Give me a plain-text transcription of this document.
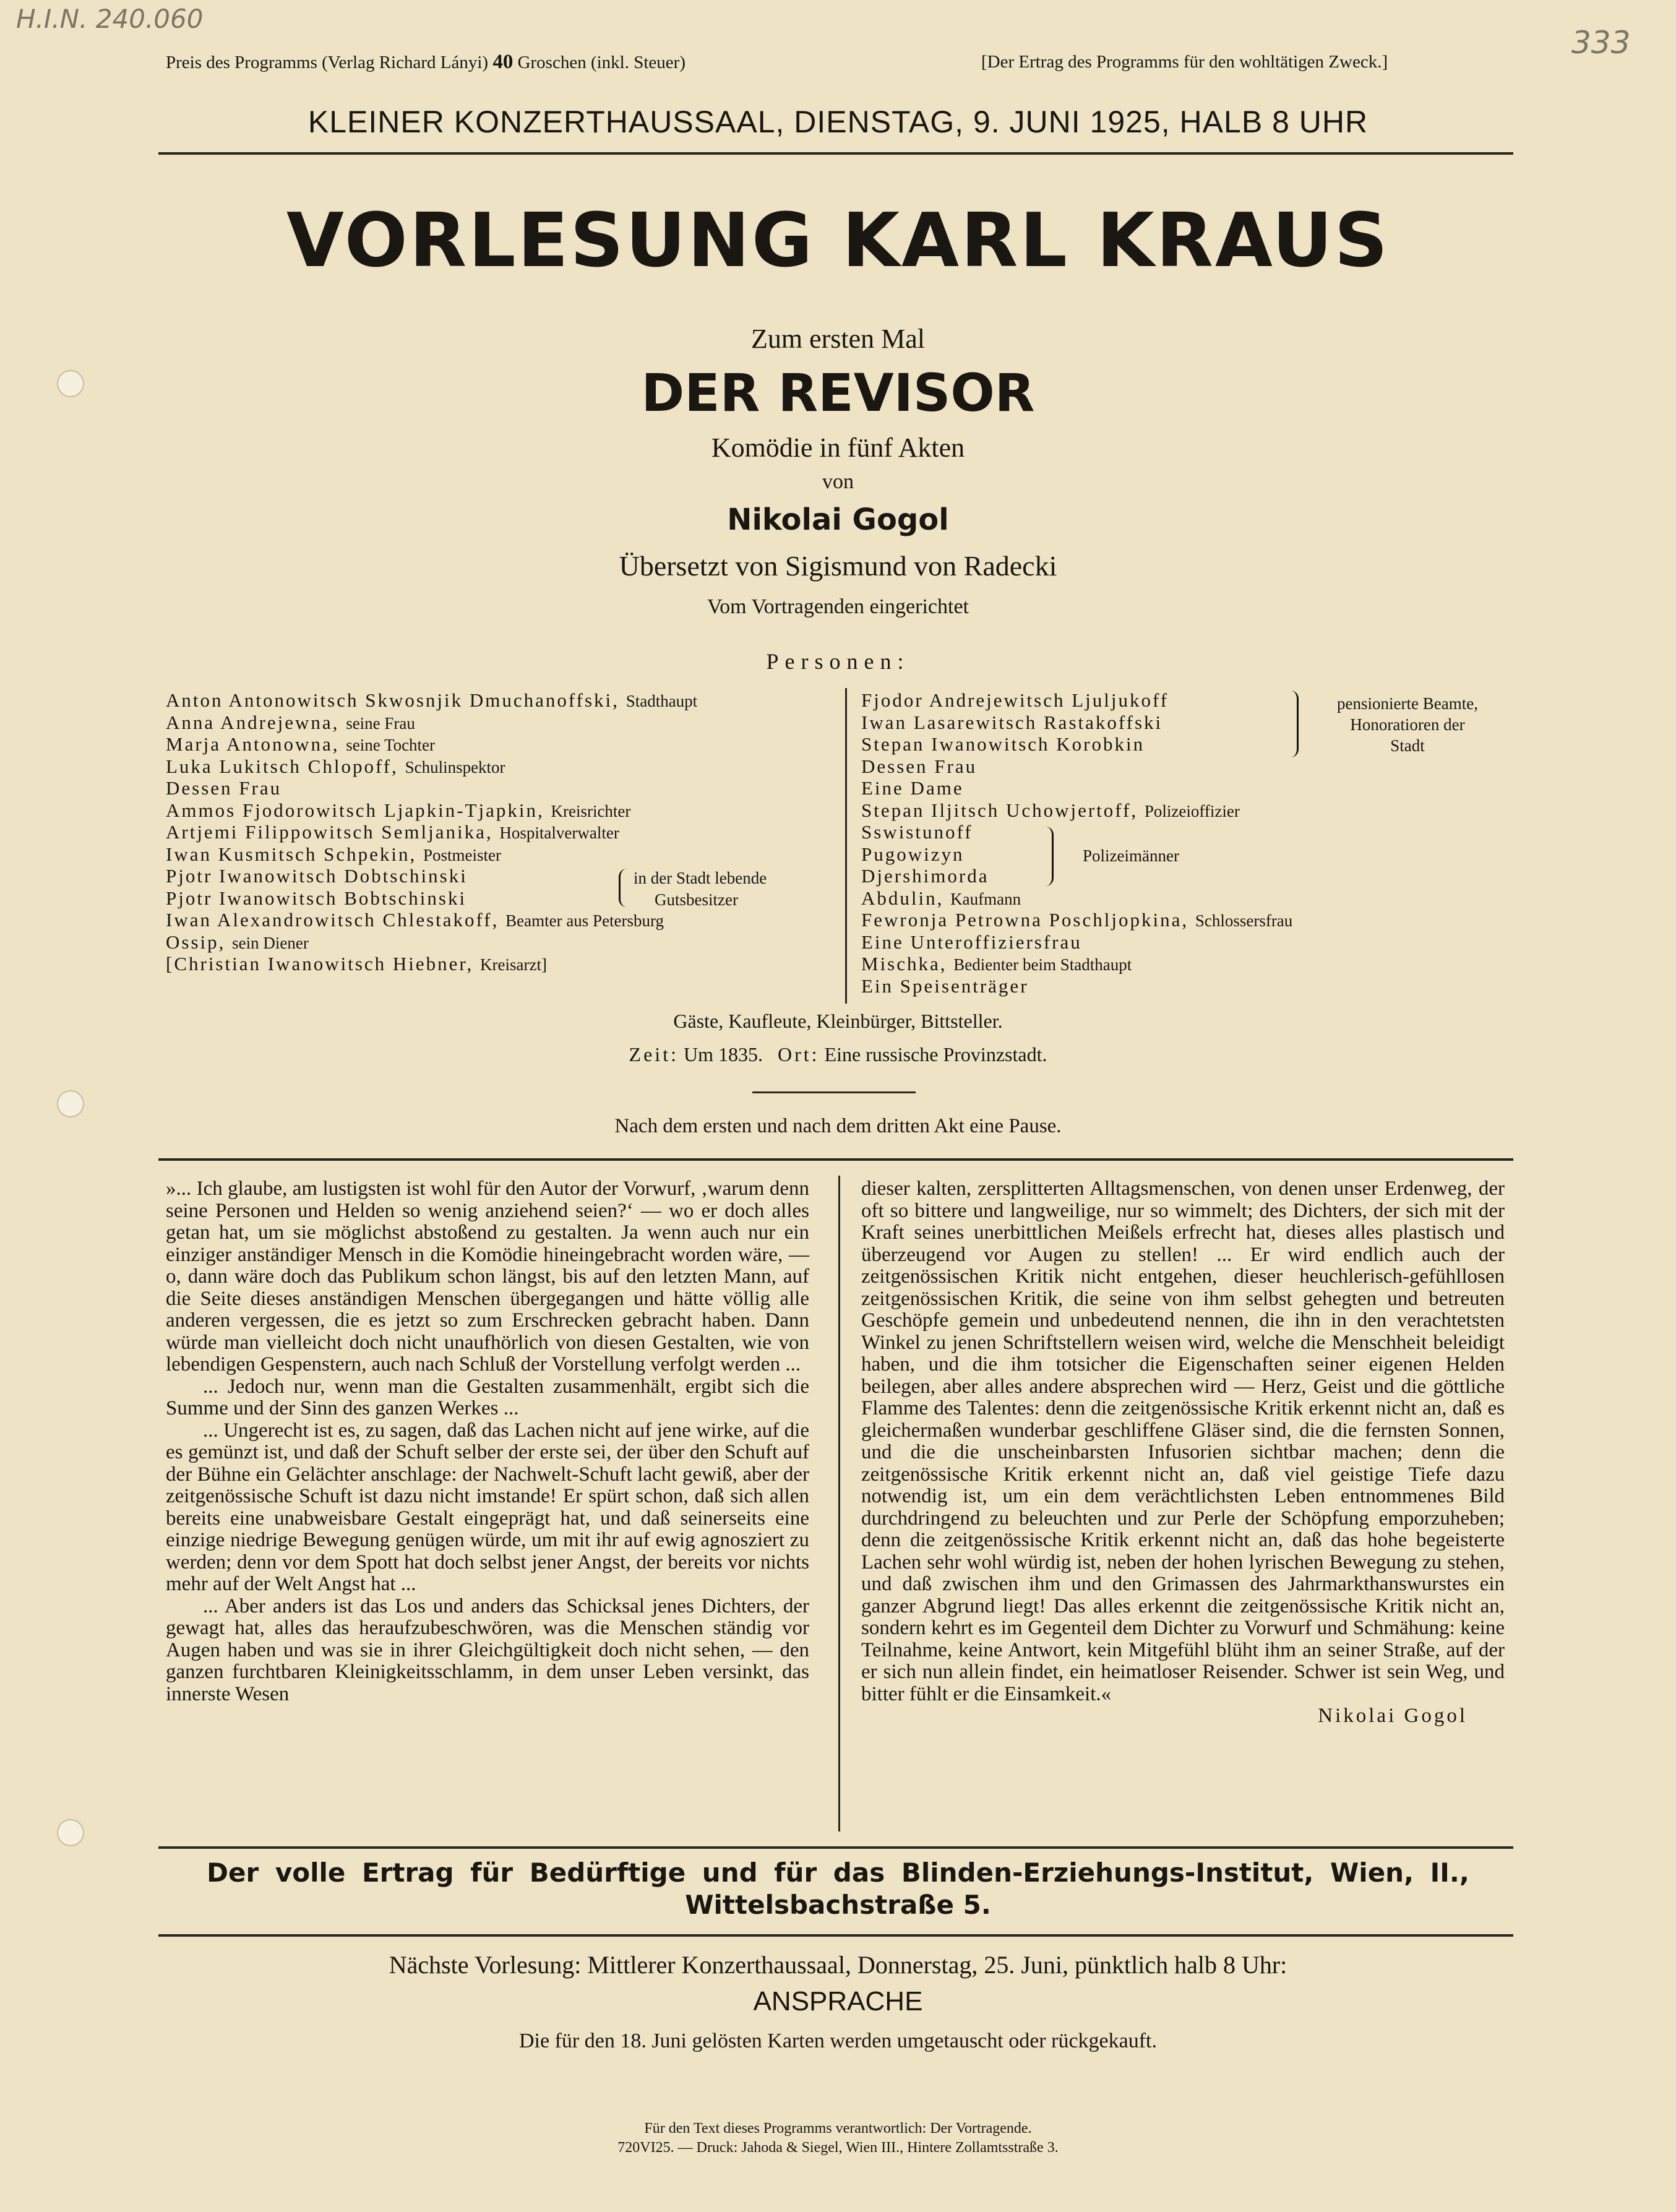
H.I.N. 240.060
333
Preis des Programms (Verlag Richard Lányi) 40 Groschen (inkl. Steuer)	[Der Ertrag des Programms für den wohltätigen Zweck.]
KLEINER KONZERTHAUSSAAL, DIENSTAG, 9. JUNI 1925, HALB 8 UHR
VORLESUNG KARL KRAUS
Zum ersten Mal
DER REVISOR
Komödie in fünf Akten
von
Nikolai Gogol
Übersetzt von Sigismund von Radecki
Vom Vortragenden eingerichtet
Personen:
Anton Antonowitsch Skwosnjik Dmuchanoffski, Stadthaupt
Anna Andrejewna, seine Frau
Marja Antonowna, seine Tochter
Luka Lukitsch Chlopoff, Schulinspektor
Dessen Frau
Ammos Fjodorowitsch Ljapkin-Tjapkin, Kreisrichter
Artjemi Filippowitsch Semljanika, Hospitalverwalter
Iwan Kusmitsch Schpekin, Postmeister
Pjotr Iwanowitsch Dobtschinski
Pjotr Iwanowitsch Bobtschinski
Iwan Alexandrowitsch Chlestakoff, Beamter aus Petersburg
Ossip, sein Diener
[Christian Iwanowitsch Hiebner, Kreisarzt]
in der Stadt lebende
Gutsbesitzer
Fjodor Andrejewitsch Ljuljukoff
Iwan Lasarewitsch Rastakoffski
Stepan Iwanowitsch Korobkin
Dessen Frau
Eine Dame
Stepan Iljitsch Uchowjertoff, Polizeioffizier
Sswistunoff
Pugowizyn
Djershimorda
Abdulin, Kaufmann
Fewronja Petrowna Poschljopkina, Schlossersfrau
Eine Unteroffiziersfrau
Mischka, Bedienter beim Stadthaupt
Ein Speisenträger
pensionierte Beamte,
Honoratioren der
Stadt
Polizeimänner
Gäste, Kaufleute, Kleinbürger, Bittsteller.
Zeit: Um 1835. Ort: Eine russische Provinzstadt.
Nach dem ersten und nach dem dritten Akt eine Pause.
»... Ich glaube, am lustigsten ist wohl für den Autor der Vorwurf, ‚warum denn seine Personen und Helden so wenig anziehend seien?‘ — wo er doch alles getan hat, um sie möglichst abstoßend zu gestalten. Ja wenn auch nur ein einziger anständiger Mensch in die Komödie hineingebracht worden wäre, — o, dann wäre doch das Publikum schon längst, bis auf den letzten Mann, auf die Seite dieses anständigen Menschen übergegangen und hätte völlig alle anderen vergessen, die es jetzt so zum Erschrecken gebracht haben. Dann würde man vielleicht doch nicht unaufhörlich von diesen Gestalten, wie von lebendigen Gespenstern, auch nach Schluß der Vorstellung verfolgt werden ...
... Jedoch nur, wenn man die Gestalten zusammenhält, ergibt sich die Summe und der Sinn des ganzen Werkes ...
... Ungerecht ist es, zu sagen, daß das Lachen nicht auf jene wirke, auf die es gemünzt ist, und daß der Schuft selber der erste sei, der über den Schuft auf der Bühne ein Gelächter anschlage: der Nachwelt-Schuft lacht gewiß, aber der zeitgenössische Schuft ist dazu nicht imstande! Er spürt schon, daß sich allen bereits eine unabweisbare Gestalt eingeprägt hat, und daß seinerseits eine einzige niedrige Bewegung genügen würde, um mit ihr auf ewig agnosziert zu werden; denn vor dem Spott hat doch selbst jener Angst, der bereits vor nichts mehr auf der Welt Angst hat ...
... Aber anders ist das Los und anders das Schicksal jenes Dichters, der gewagt hat, alles das heraufzubeschwören, was die Menschen ständig vor Augen haben und was sie in ihrer Gleichgültigkeit doch nicht sehen, — den ganzen furchtbaren Kleinigkeitsschlamm, in dem unser Leben versinkt, das innerste Wesen
dieser kalten, zersplitterten Alltagsmenschen, von denen unser Erdenweg, der oft so bittere und langweilige, nur so wimmelt; des Dichters, der sich mit der Kraft seines unerbittlichen Meißels erfrecht hat, dieses alles plastisch und überzeugend vor Augen zu stellen! ... Er wird endlich auch der zeitgenössischen Kritik nicht entgehen, dieser heuchlerisch-gefühllosen zeitgenössischen Kritik, die seine von ihm selbst gehegten und betreuten Geschöpfe gemein und unbedeutend nennen, die ihn in den verachtetsten Winkel zu jenen Schriftstellern weisen wird, welche die Menschheit beleidigt haben, und die ihm totsicher die Eigenschaften seiner eigenen Helden beilegen, aber alles andere absprechen wird — Herz, Geist und die göttliche Flamme des Talentes: denn die zeitgenössische Kritik erkennt nicht an, daß es gleichermaßen wunderbar geschliffene Gläser sind, die die fernsten Sonnen, und die die unscheinbarsten Infusorien sichtbar machen; denn die zeitgenössische Kritik erkennt nicht an, daß viel geistige Tiefe dazu notwendig ist, um ein dem verächtlichsten Leben entnommenes Bild durchdringend zu beleuchten und zur Perle der Schöpfung emporzuheben; denn die zeitgenössische Kritik erkennt nicht an, daß das hohe begeisterte Lachen sehr wohl würdig ist, neben der hohen lyrischen Bewegung zu stehen, und daß zwischen ihm und den Grimassen des Jahrmarkthanswurstes ein ganzer Abgrund liegt! Das alles erkennt die zeitgenössische Kritik nicht an, sondern kehrt es im Gegenteil dem Dichter zu Vorwurf und Schmähung: keine Teilnahme, keine Antwort, kein Mitgefühl blüht ihm an seiner Straße, auf der er sich nun allein findet, ein heimatloser Reisender. Schwer ist sein Weg, und bitter fühlt er die Einsamkeit.«
Nikolai Gogol
Der volle Ertrag für Bedürftige und für das Blinden-Erziehungs-Institut, Wien, II.,
Wittelsbachstraße 5.
Nächste Vorlesung: Mittlerer Konzerthaussaal, Donnerstag, 25. Juni, pünktlich halb 8 Uhr:
ANSPRACHE
Die für den 18. Juni gelösten Karten werden umgetauscht oder rückgekauft.
Für den Text dieses Programms verantwortlich: Der Vortragende.
720VI25. — Druck: Jahoda & Siegel, Wien III., Hintere Zollamtsstraße 3.
